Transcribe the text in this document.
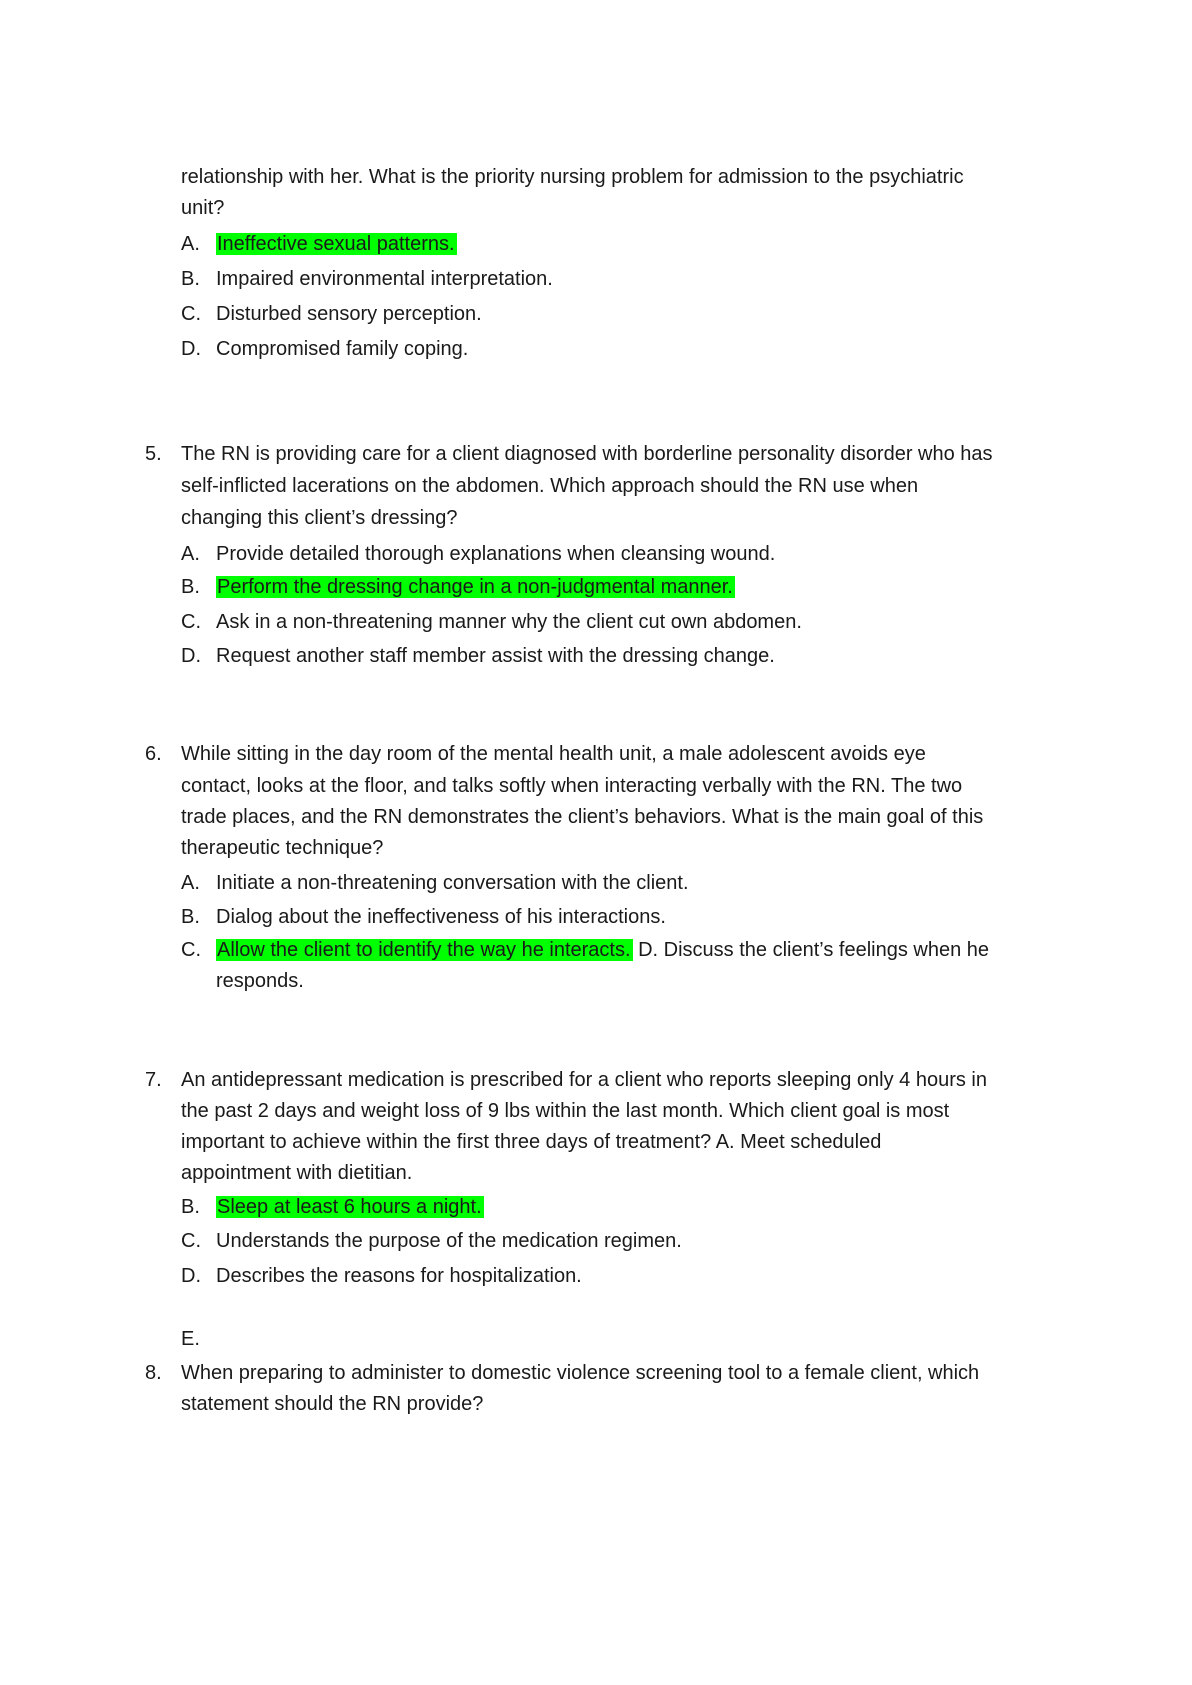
relationship with her. What is the priority nursing problem for admission to the psychiatric
unit?
A. Ineffective sexual patterns.
B. Impaired environmental interpretation.
C. Disturbed sensory perception.
D. Compromised family coping.
5. The RN is providing care for a client diagnosed with borderline personality disorder who has
self-inflicted lacerations on the abdomen. Which approach should the RN use when
changing this client’s dressing?
A. Provide detailed thorough explanations when cleansing wound.
B. Perform the dressing change in a non-judgmental manner.
C. Ask in a non-threatening manner why the client cut own abdomen.
D. Request another staff member assist with the dressing change.
6. While sitting in the day room of the mental health unit, a male adolescent avoids eye
contact, looks at the floor, and talks softly when interacting verbally with the RN. The two
trade places, and the RN demonstrates the client’s behaviors. What is the main goal of this
therapeutic technique?
A. Initiate a non-threatening conversation with the client.
B. Dialog about the ineffectiveness of his interactions.
C. Allow the client to identify the way he interacts. D. Discuss the client’s feelings when he
responds.
7. An antidepressant medication is prescribed for a client who reports sleeping only 4 hours in
the past 2 days and weight loss of 9 lbs within the last month. Which client goal is most
important to achieve within the first three days of treatment? A. Meet scheduled
appointment with dietitian.
B. Sleep at least 6 hours a night.
C. Understands the purpose of the medication regimen.
D. Describes the reasons for hospitalization.
E.
8. When preparing to administer to domestic violence screening tool to a female client, which
statement should the RN provide?
